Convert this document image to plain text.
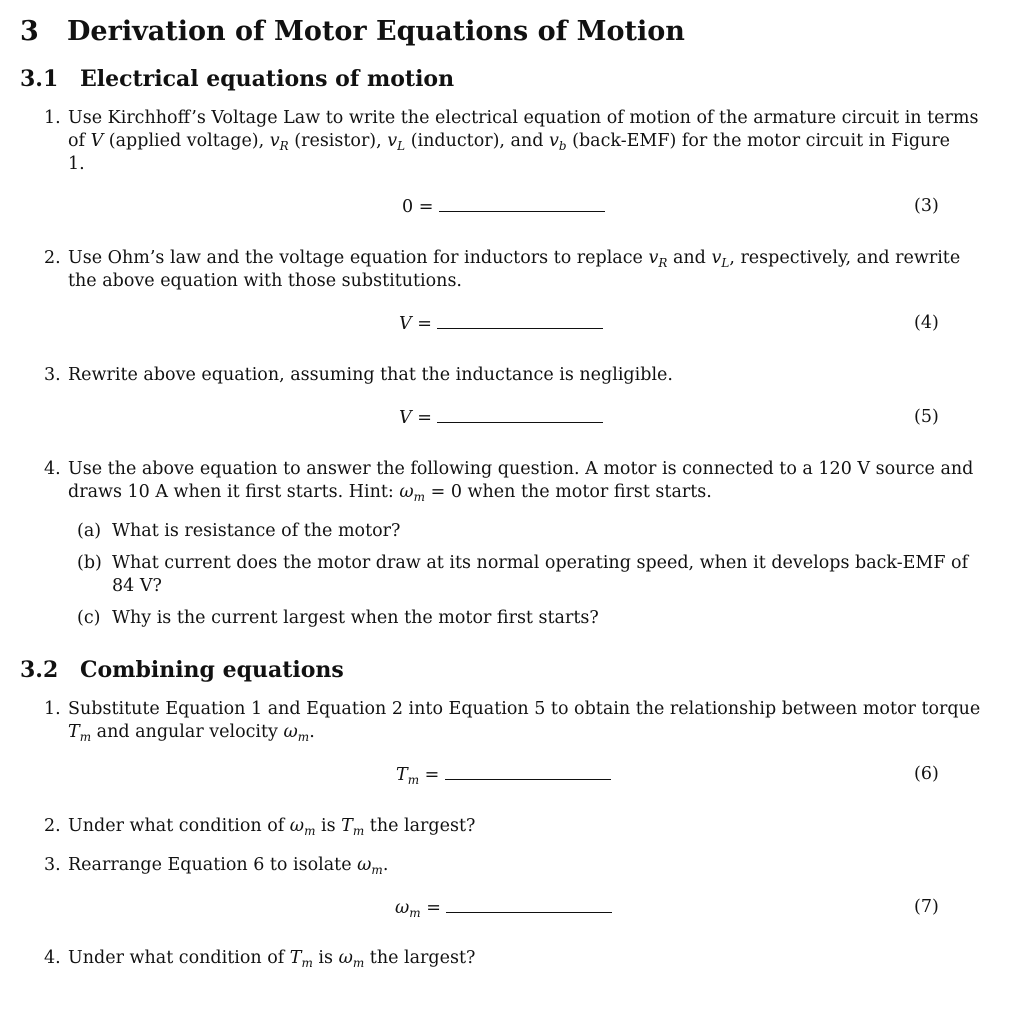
3 Derivation of Motor Equations of Motion
3.1 Electrical equations of motion
1. Use Kirchhoff’s Voltage Law to write the electrical equation of motion of the armature circuit in terms
of V (applied voltage), $v_R$ (resistor), $v_L$ (inductor), and $v_b$ (back-EMF) for the motor circuit in Figure
1.
0 =	(3)
2. Use Ohm’s law and the voltage equation for inductors to replace $v_R$ and $v_L$, respectively, and rewrite
the above equation with those substitutions.
V =	(4)
3. Rewrite above equation, assuming that the inductance is negligible.
V =	(5)
4. Use the above equation to answer the following question. A motor is connected to a 120 V source and
draws 10 A when it first starts. Hint: $\omega_m = 0$ when the motor first starts.
(a) What is resistance of the motor?
(b) What current does the motor draw at its normal operating speed, when it develops back-EMF of
84 V?
(c) Why is the current largest when the motor first starts?
3.2 Combining equations
1. Substitute Equation 1 and Equation 2 into Equation 5 to obtain the relationship between motor torque
$T_m$ and angular velocity $\omega_m$.
$T_m$ =	(6)
2. Under what condition of $\omega_m$ is $T_m$ the largest?
3. Rearrange Equation 6 to isolate $\omega_m$.
$\omega_m$ =	(7)
4. Under what condition of $T_m$ is $\omega_m$ the largest?
